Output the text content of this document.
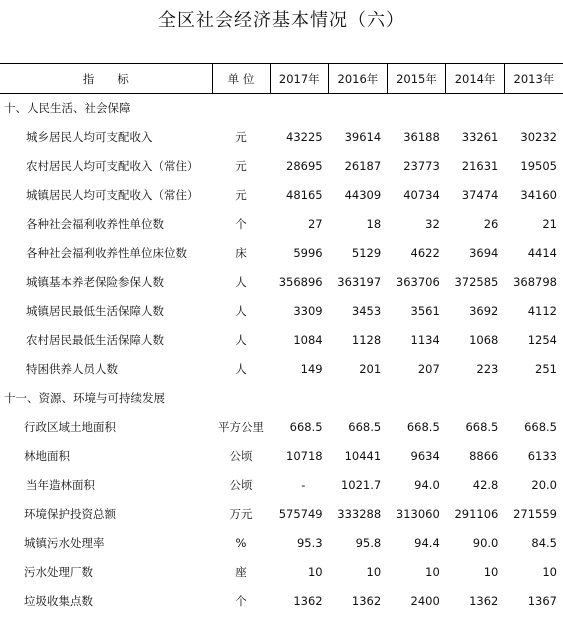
全区社会经济基本情况（六）
指　　标	单 位	2017年	2016年	2015年	2014年	2013年
十、人民生活、社会保障						
城乡居民人均可支配收入	元	43225	39614	36188	33261	30232
农村居民人均可支配收入（常住）	元	28695	26187	23773	21631	19505
城镇居民人均可支配收入（常住）	元	48165	44309	40734	37474	34160
各种社会福利收养性单位数	个	27	18	32	26	21
各种社会福利收养性单位床位数	床	5996	5129	4622	3694	4414
城镇基本养老保险参保人数	人	356896	363197	363706	372585	368798
城镇居民最低生活保障人数	人	3309	3453	3561	3692	4112
农村居民最低生活保障人数	人	1084	1128	1134	1068	1254
特困供养人员人数	人	149	201	207	223	251
十一、资源、环境与可持续发展						
行政区域土地面积	平方公里	668.5	668.5	668.5	668.5	668.5
林地面积	公顷	10718	10441	9634	8866	6133
当年造林面积	公顷	-	1021.7	94.0	42.8	20.0
环境保护投资总额	万元	575749	333288	313060	291106	271559
城镇污水处理率	%	95.3	95.8	94.4	90.0	84.5
污水处理厂数	座	10	10	10	10	10
垃圾收集点数	个	1362	1362	2400	1362	1367
